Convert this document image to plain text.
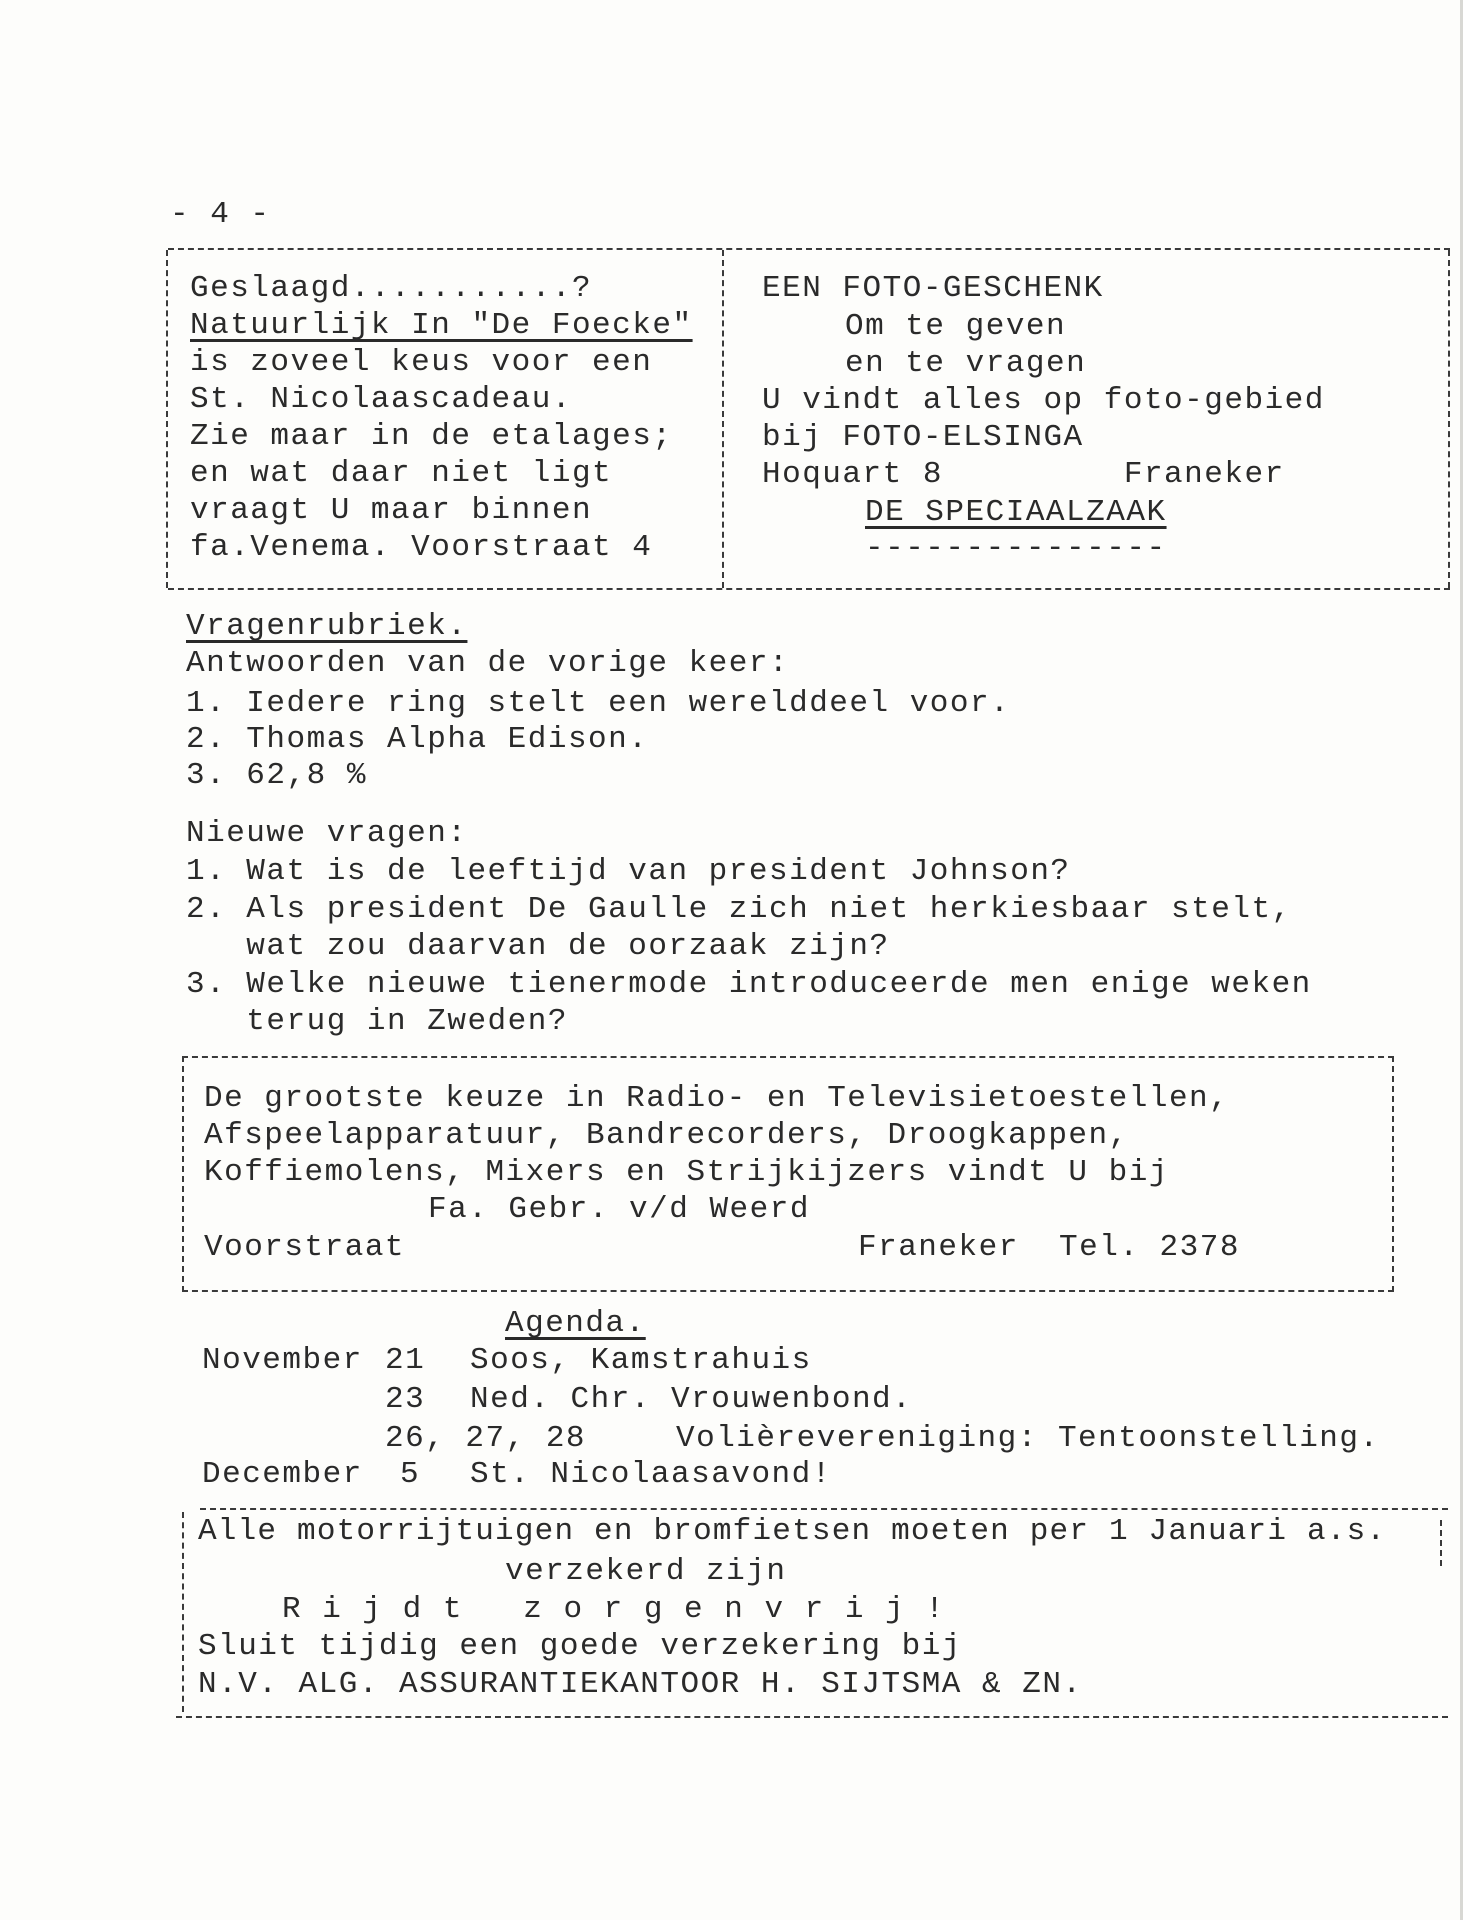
- 4 -
Geslaagd...........?
Natuurlijk In "De Foecke"
is zoveel keus voor een
St. Nicolaascadeau.
Zie maar in de etalages;
en wat daar niet ligt
vraagt U maar binnen
fa.Venema. Voorstraat 4
EEN FOTO-GESCHENK
Om te geven
en te vragen
U vindt alles op foto-gebied
bij FOTO-ELSINGA
Hoquart 8         Franeker
DE SPECIAALZAAK
---------------
Vragenrubriek.
Antwoorden van de vorige keer:
1. Iedere ring stelt een werelddeel voor.
2. Thomas Alpha Edison.
3. 62,8 %
Nieuwe vragen:
1. Wat is de leeftijd van president Johnson?
2. Als president De Gaulle zich niet herkiesbaar stelt,
wat zou daarvan de oorzaak zijn?
3. Welke nieuwe tienermode introduceerde men enige weken
terug in Zweden?
De grootste keuze in Radio- en Televisietoestellen,
Afspeelapparatuur, Bandrecorders, Droogkappen,
Koffiemolens, Mixers en Strijkijzers vindt U bij
Fa. Gebr. v/d Weerd
Voorstraat	Franeker  Tel. 2378
Agenda.
November 21 Soos, Kamstrahuis
23 Ned. Chr. Vrouwenbond.
26, 27, 28	Volièrevereniging: Tentoonstelling.
December 5 St. Nicolaasavond!
Alle motorrijtuigen en bromfietsen moeten per 1 Januari a.s.
verzekerd zijn
R i j d t   z o r g e n v r i j !
Sluit tijdig een goede verzekering bij
N.V. ALG. ASSURANTIEKANTOOR H. SIJTSMA & ZN.
